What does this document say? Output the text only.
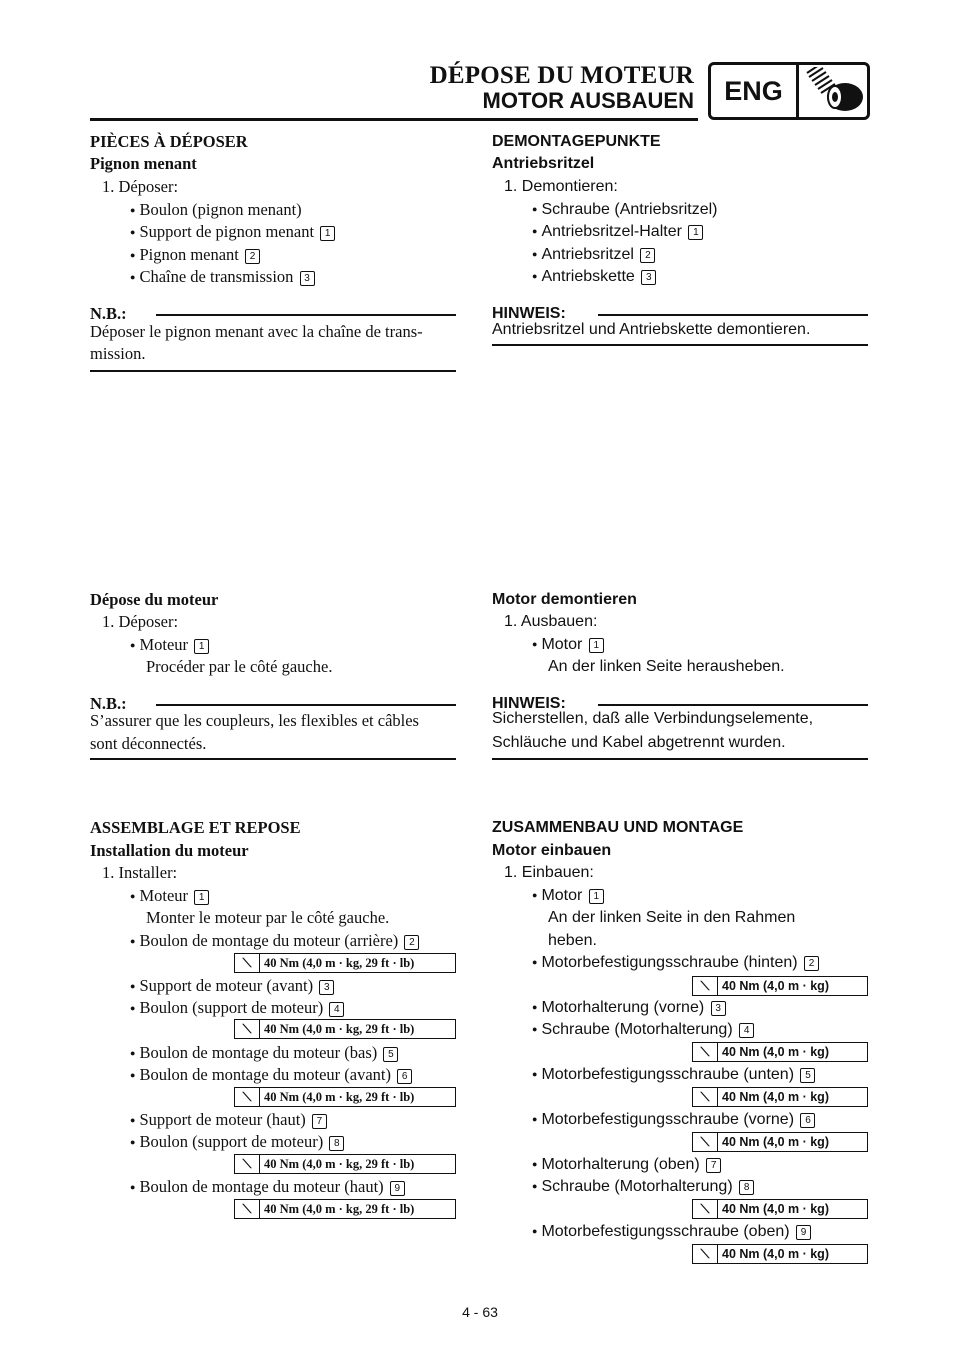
DÉPOSE DU MOTEUR
MOTOR AUSBAUEN	ENG
PIÈCES À DÉPOSER
Pignon menant
1. Déposer:
● Boulon (pignon menant)
● Support de pignon menant 1
● Pignon menant 2
● Chaîne de transmission 3
N.B.:
Déposer le pignon menant avec la chaîne de trans-
mission.
Dépose du moteur
1. Déposer:
● Moteur 1
Procéder par le côté gauche.
N.B.:
S’assurer que les coupleurs, les flexibles et câbles
sont déconnectés.
ASSEMBLAGE ET REPOSE
Installation du moteur
1. Installer:
● Moteur 1
Monter le moteur par le côté gauche.
● Boulon de montage du moteur (arrière) 2
⟍ 40 Nm (4,0 m · kg, 29 ft · lb)
● Support de moteur (avant) 3
● Boulon (support de moteur) 4
⟍ 40 Nm (4,0 m · kg, 29 ft · lb)
● Boulon de montage du moteur (bas) 5
● Boulon de montage du moteur (avant) 6
⟍ 40 Nm (4,0 m · kg, 29 ft · lb)
● Support de moteur (haut) 7
● Boulon (support de moteur) 8
⟍ 40 Nm (4,0 m · kg, 29 ft · lb)
● Boulon de montage du moteur (haut) 9
⟍ 40 Nm (4,0 m · kg, 29 ft · lb)
DEMONTAGEPUNKTE
Antriebsritzel
1. Demontieren:
● Schraube (Antriebsritzel)
● Antriebsritzel-Halter 1
● Antriebsritzel 2
● Antriebskette 3
HINWEIS:
Antriebsritzel und Antriebskette demontieren.
Motor demontieren
1. Ausbauen:
● Motor 1
An der linken Seite herausheben.
HINWEIS:
Sicherstellen, daß alle Verbindungselemente,
Schläuche und Kabel abgetrennt wurden.
ZUSAMMENBAU UND MONTAGE
Motor einbauen
1. Einbauen:
● Motor 1
An der linken Seite in den Rahmen
heben.
● Motorbefestigungsschraube (hinten) 2
⟍ 40 Nm (4,0 m · kg)
● Motorhalterung (vorne) 3
● Schraube (Motorhalterung) 4
⟍ 40 Nm (4,0 m · kg)
● Motorbefestigungsschraube (unten) 5
⟍ 40 Nm (4,0 m · kg)
● Motorbefestigungsschraube (vorne) 6
⟍ 40 Nm (4,0 m · kg)
● Motorhalterung (oben) 7
● Schraube (Motorhalterung) 8
⟍ 40 Nm (4,0 m · kg)
● Motorbefestigungsschraube (oben) 9
⟍ 40 Nm (4,0 m · kg)
4 - 63
